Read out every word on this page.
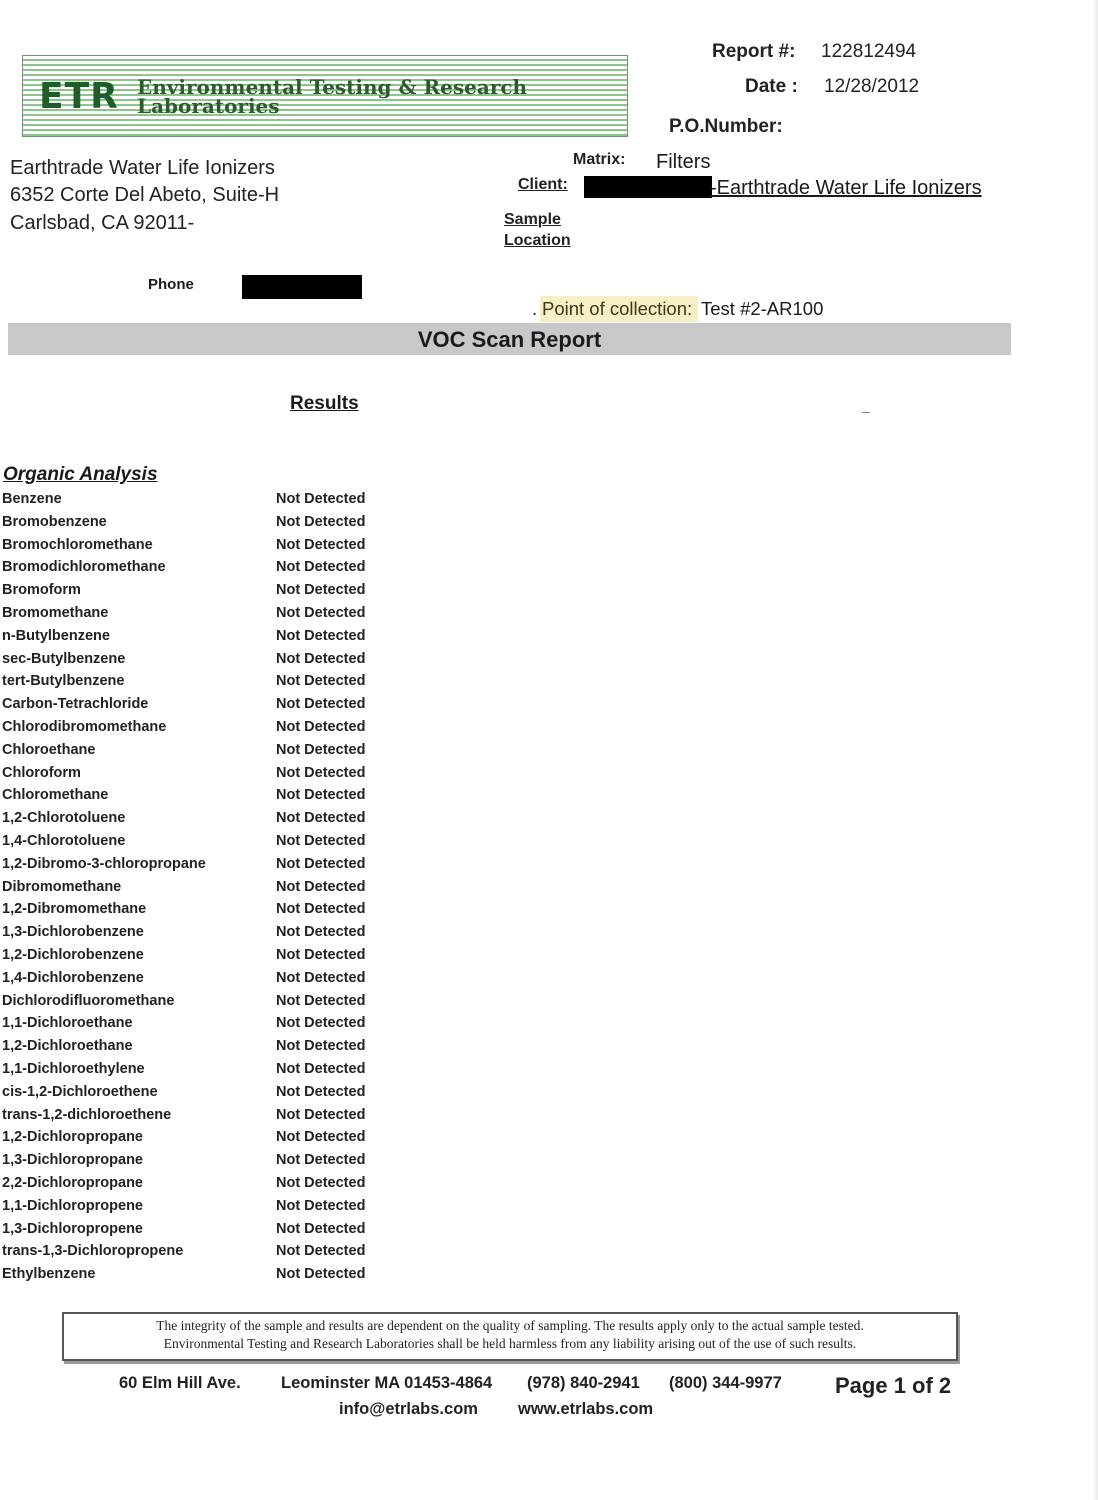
ETR Environmental Testing & Research
Laboratories
Report #: 122812494
Date : 12/28/2012
P.O.Number:
Earthtrade Water Life Ionizers
6352 Corte Del Abeto, Suite-H
Carlsbad, CA 92011-
Matrix: Filters
Client:	-Earthtrade Water Life Ionizers
Sample
Location
Phone
. Point of collection: Test #2-AR100
VOC Scan Report
Results
Organic Analysis
Benzene	Not Detected
Bromobenzene	Not Detected
Bromochloromethane	Not Detected
Bromodichloromethane	Not Detected
Bromoform	Not Detected
Bromomethane	Not Detected
n-Butylbenzene	Not Detected
sec-Butylbenzene	Not Detected
tert-Butylbenzene	Not Detected
Carbon-Tetrachloride	Not Detected
Chlorodibromomethane	Not Detected
Chloroethane	Not Detected
Chloroform	Not Detected
Chloromethane	Not Detected
1,2-Chlorotoluene	Not Detected
1,4-Chlorotoluene	Not Detected
1,2-Dibromo-3-chloropropane	Not Detected
Dibromomethane	Not Detected
1,2-Dibromomethane	Not Detected
1,3-Dichlorobenzene	Not Detected
1,2-Dichlorobenzene	Not Detected
1,4-Dichlorobenzene	Not Detected
Dichlorodifluoromethane	Not Detected
1,1-Dichloroethane	Not Detected
1,2-Dichloroethane	Not Detected
1,1-Dichloroethylene	Not Detected
cis-1,2-Dichloroethene	Not Detected
trans-1,2-dichloroethene	Not Detected
1,2-Dichloropropane	Not Detected
1,3-Dichloropropane	Not Detected
2,2-Dichloropropane	Not Detected
1,1-Dichloropropene	Not Detected
1,3-Dichloropropene	Not Detected
trans-1,3-Dichloropropene	Not Detected
Ethylbenzene	Not Detected
The integrity of the sample and results are dependent on the quality of sampling. The results apply only to the actual sample tested.
Environmental Testing and Research Laboratories shall be held harmless from any liability arising out of the use of such results.
60 Elm Hill Ave. Leominster MA 01453-4864 (978) 840-2941 (800) 344-9977
info@etrlabs.com www.etrlabs.com
Page 1 of 2
